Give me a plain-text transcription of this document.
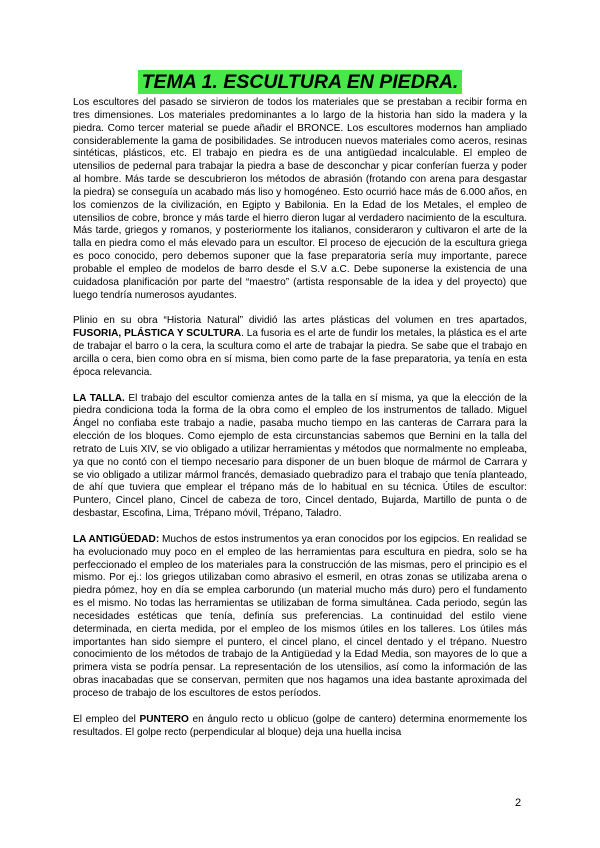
TEMA 1. ESCULTURA EN PIEDRA.

Los escultores del pasado se sirvieron de todos los materiales que se prestaban a recibir forma en tres dimensiones. Los materiales predominantes a lo largo de la historia han sido la madera y la piedra. Como tercer material se puede añadir el BRONCE. Los escultores modernos han ampliado considerablemente la gama de posibilidades. Se introducen nuevos materiales como aceros, resinas sintéticas, plásticos, etc. El trabajo en piedra es de una antigüedad incalculable. El empleo de utensilios de pedernal para trabajar la piedra a base de desconchar y picar conferían fuerza y poder al hombre. Más tarde se descubrieron los métodos de abrasión (frotando con arena para desgastar la piedra) se conseguía un acabado más liso y homogéneo. Esto ocurrió hace más de 6.000 años, en los comienzos de la civilización, en Egipto y Babilonia. En la Edad de los Metales, el empleo de utensilios de cobre, bronce y más tarde el hierro dieron lugar al verdadero nacimiento de la escultura. Más tarde, griegos y romanos, y posteriormente los italianos, consideraron y cultivaron el arte de la talla en piedra como el más elevado para un escultor. El proceso de ejecución de la escultura griega es poco conocido, pero debemos suponer que la fase preparatoria sería muy importante, parece probable el empleo de modelos de barro desde el S.V a.C. Debe suponerse la existencia de una cuidadosa planificación por parte del “maestro” (artista responsable de la idea y del proyecto) que luego tendría numerosos ayudantes.

Plinio en su obra “Historia Natural” dividió las artes plásticas del volumen en tres apartados, FUSORIA, PLÁSTICA Y SCULTURA. La fusoria es el arte de fundir los metales, la plástica es el arte de trabajar el barro o la cera, la scultura como el arte de trabajar la piedra. Se sabe que el trabajo en arcilla o cera, bien como obra en sí misma, bien como parte de la fase preparatoria, ya tenía en esta época relevancia.

LA TALLA. El trabajo del escultor comienza antes de la talla en sí misma, ya que la elección de la piedra condiciona toda la forma de la obra como el empleo de los instrumentos de tallado. Miguel Ángel no confiaba este trabajo a nadie, pasaba mucho tiempo en las canteras de Carrara para la elección de los bloques. Como ejemplo de esta circunstancias sabemos que Bernini en la talla del retrato de Luis XIV, se vio obligado a utilizar herramientas y métodos que normalmente no empleaba, ya que no contó con el tiempo necesario para disponer de un buen bloque de mármol de Carrara y se vio obligado a utilizar mármol francés, demasiado quebradizo para el trabajo que tenía planteado, de ahí que tuviera que emplear el trépano más de lo habitual en su técnica. Útiles de escultor: Puntero, Cincel plano, Cincel de cabeza de toro, Cincel dentado, Bujarda, Martillo de punta o de desbastar, Escofina, Lima, Trépano móvil, Trépano, Taladro.

LA ANTIGÜEDAD: Muchos de estos instrumentos ya eran conocidos por los egipcios. En realidad se ha evolucionado muy poco en el empleo de las herramientas para escultura en piedra, solo se ha perfeccionado el empleo de los materiales para la construcción de las mismas, pero el principio es el mismo. Por ej.: los griegos utilizaban como abrasivo el esmeril, en otras zonas se utilizaba arena o piedra pómez, hoy en día se emplea carborundo (un material mucho más duro) pero el fundamento es el mismo. No todas las herramientas se utilizaban de forma simultánea. Cada periodo, según las necesidades estéticas que tenía, definía sus preferencias. La continuidad del estilo viene determinada, en cierta medida, por el empleo de los mismos útiles en los talleres. Los útiles más importantes han sido siempre el puntero, el cincel plano, el cincel dentado y el trépano. Nuestro conocimiento de los métodos de trabajo de la Antigüedad y la Edad Media, son mayores de lo que a primera vista se podría pensar. La representación de los utensilios, así como la información de las obras inacabadas que se conservan, permiten que nos hagamos una idea bastante aproximada del proceso de trabajo de los escultores de estos períodos.

El empleo del PUNTERO en ángulo recto u oblicuo (golpe de cantero) determina enormemente los resultados. El golpe recto (perpendicular al bloque) deja una huella incisa

2
